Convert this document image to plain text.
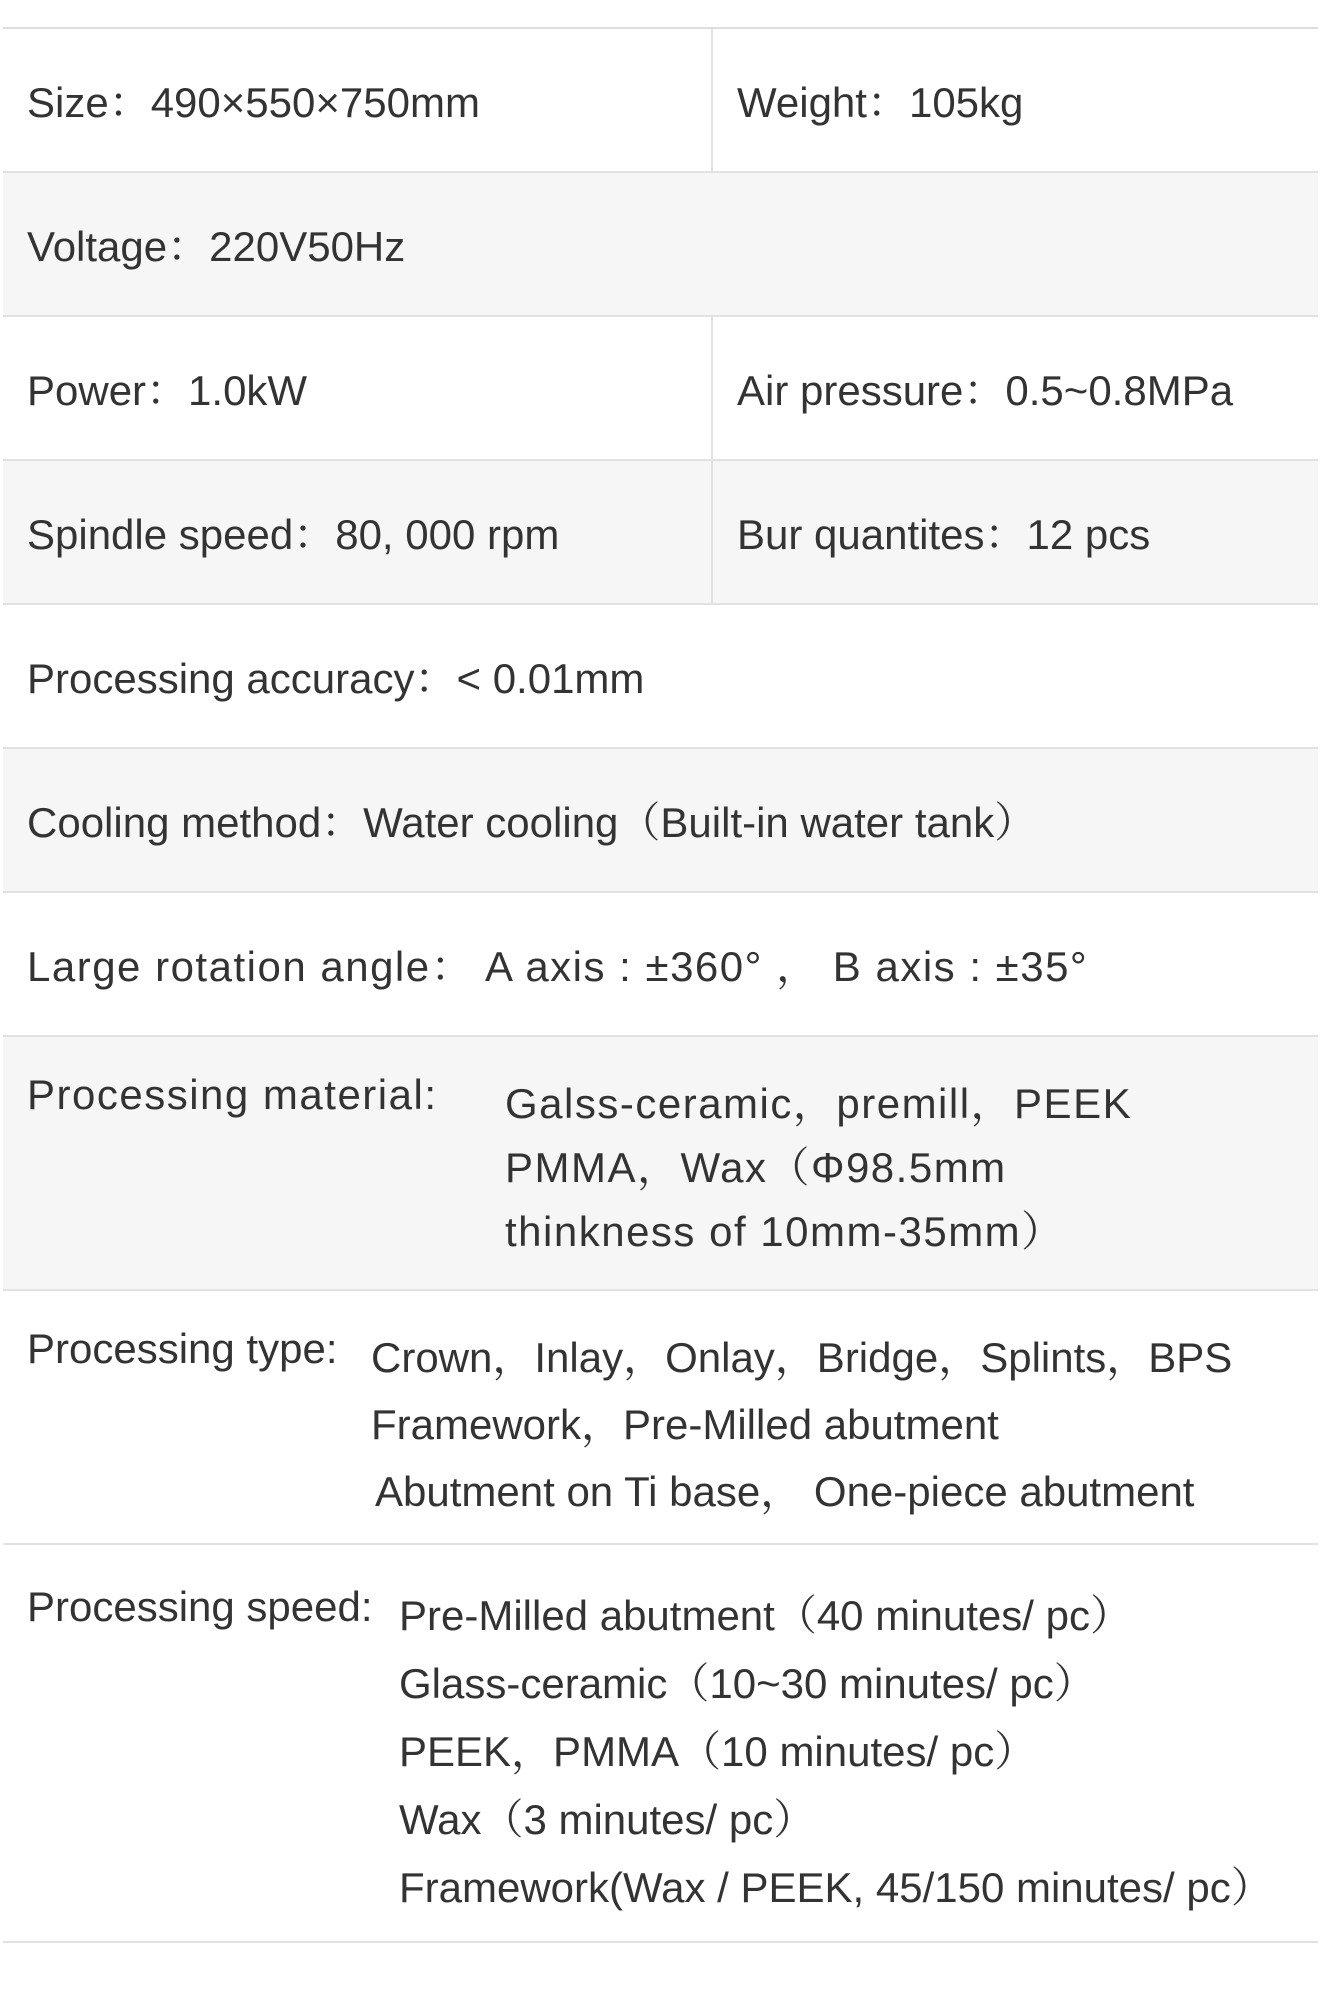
Size：490×550×750mm	Weight：105kg
Voltage：220V50Hz
Power：1.0kW	Air pressure：0.5~0.8MPa
Spindle speed：80, 000 rpm	Bur quantites：12 pcs
Processing accuracy：< 0.01mm
Cooling method：Water cooling（Built-in water tank）
Large rotation angle： A axis : ±360° ， B axis : ±35°
Processing material: Galss-ceramic，premill，PEEK
PMMA，Wax（Φ98.5mm
thinkness of 10mm-35mm）
Processing type: Crown，Inlay，Onlay，Bridge，Splints，BPS
Framework，Pre-Milled abutment
Abutment on Ti base， One-piece abutment
Processing speed: Pre-Milled abutment（40 minutes/ pc）
Glass-ceramic（10~30 minutes/ pc）
PEEK，PMMA（10 minutes/ pc）
Wax（3 minutes/ pc）
Framework(Wax / PEEK, 45/150 minutes/ pc）
